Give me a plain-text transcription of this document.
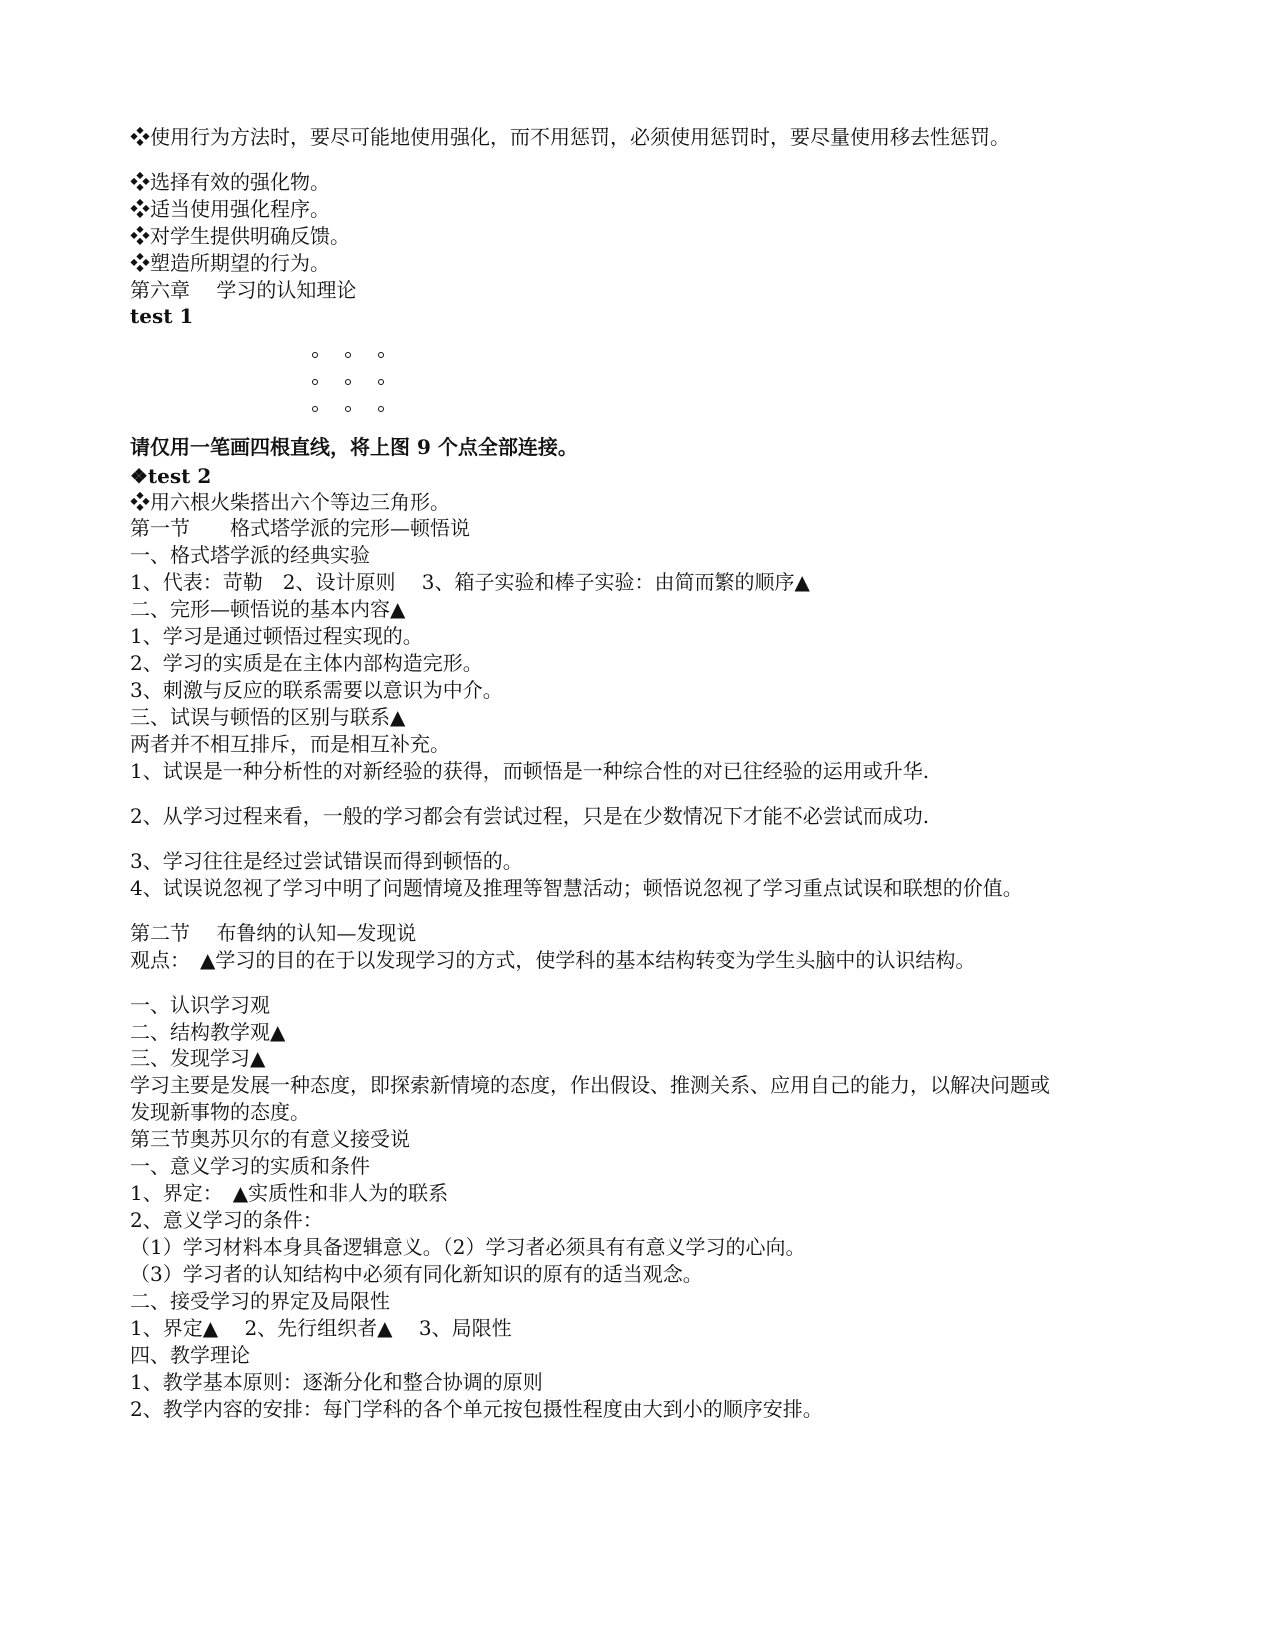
❖使用行为方法时，要尽可能地使用强化，而不用惩罚，必须使用惩罚时，要尽量使用移去性惩罚。
❖选择有效的强化物。
❖适当使用强化程序。
❖对学生提供明确反馈。
❖塑造所期望的行为。
第六章　 学习的认知理论
test 1
请仅用一笔画四根直线，将上图 9 个点全部连接。
❖test 2
❖用六根火柴搭出六个等边三角形。
第一节　　格式塔学派的完形—顿悟说
一、格式塔学派的经典实验
1、代表：苛勒　2、设计原则　 3、箱子实验和棒子实验：由简而繁的顺序▲
二、完形—顿悟说的基本内容▲
1、学习是通过顿悟过程实现的。
2、学习的实质是在主体内部构造完形。
3、刺激与反应的联系需要以意识为中介。
三、试误与顿悟的区别与联系▲
两者并不相互排斥，而是相互补充。
1、试误是一种分析性的对新经验的获得，而顿悟是一种综合性的对已往经验的运用或升华.
2、从学习过程来看，一般的学习都会有尝试过程，只是在少数情况下才能不必尝试而成功.
3、学习往往是经过尝试错误而得到顿悟的。
4、试误说忽视了学习中明了问题情境及推理等智慧活动；顿悟说忽视了学习重点试误和联想的价值。
第二节　 布鲁纳的认知—发现说
观点：　▲学习的目的在于以发现学习的方式，使学科的基本结构转变为学生头脑中的认识结构。
一、认识学习观
二、结构教学观▲
三、发现学习▲
学习主要是发展一种态度，即探索新情境的态度，作出假设、推测关系、应用自己的能力，以解决问题或
发现新事物的态度。
第三节奥苏贝尔的有意义接受说
一、意义学习的实质和条件
1、界定：　▲实质性和非人为的联系
2、意义学习的条件：
（1）学习材料本身具备逻辑意义。（2）学习者必须具有有意义学习的心向。
（3）学习者的认知结构中必须有同化新知识的原有的适当观念。
二、接受学习的界定及局限性
1、界定▲　 2、先行组织者▲　 3、局限性
四、教学理论
1、教学基本原则：逐渐分化和整合协调的原则
2、教学内容的安排：每门学科的各个单元按包摄性程度由大到小的顺序安排。
